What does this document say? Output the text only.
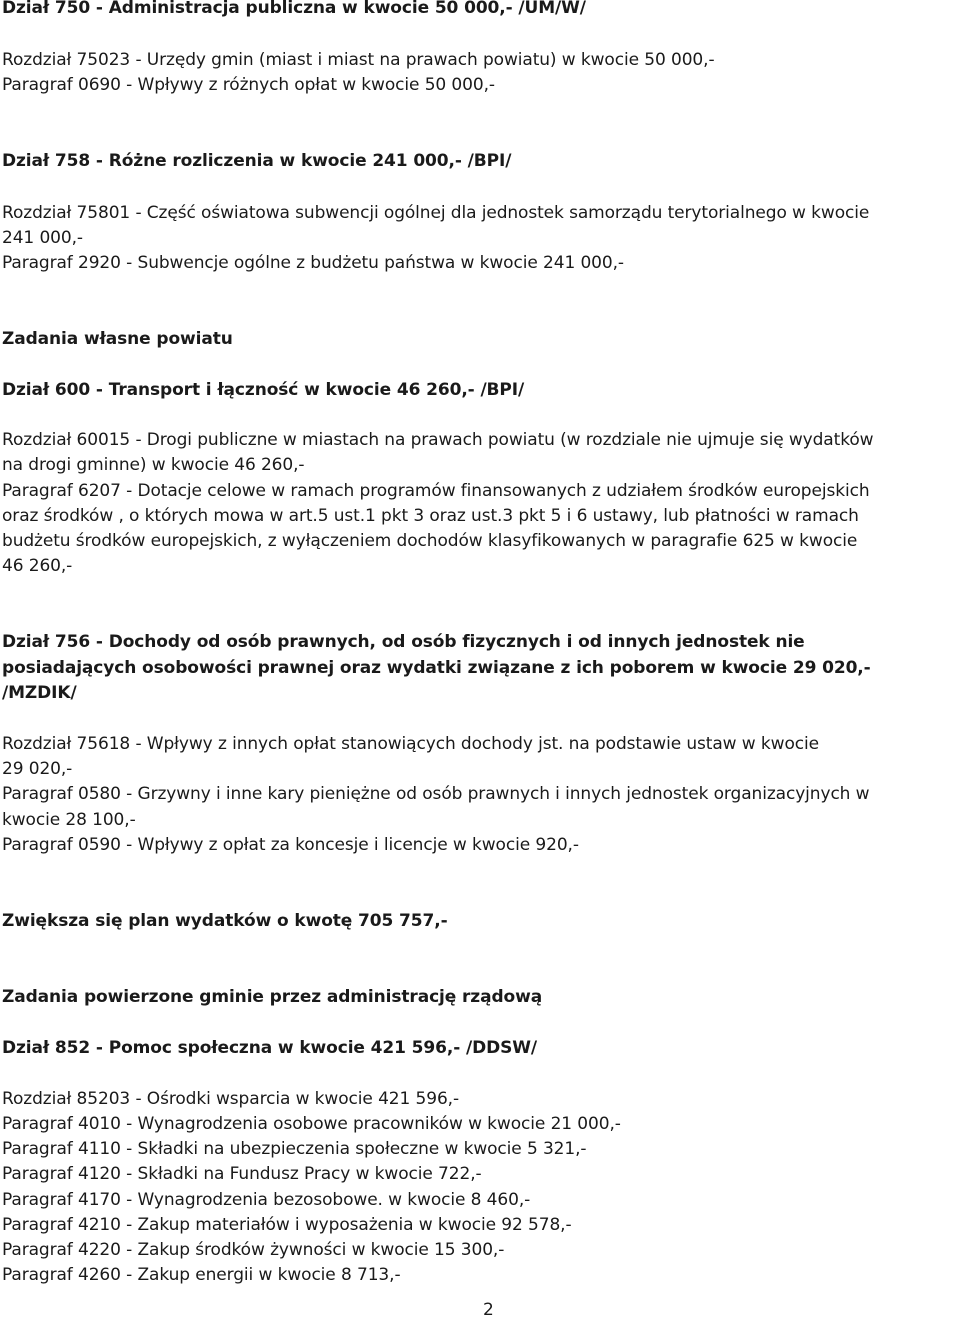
Dział 750 - Administracja publiczna w kwocie 50 000,- /UM/W/
Rozdział 75023 - Urzędy gmin (miast i miast na prawach powiatu) w kwocie 50 000,-
Paragraf 0690 - Wpływy z różnych opłat w kwocie 50 000,-
Dział 758 - Różne rozliczenia w kwocie 241 000,- /BPI/
Rozdział 75801 - Część oświatowa subwencji ogólnej dla jednostek samorządu terytorialnego w kwocie
241 000,-
Paragraf 2920 - Subwencje ogólne z budżetu państwa w kwocie 241 000,-
Zadania własne powiatu
Dział 600 - Transport i łączność w kwocie 46 260,- /BPI/
Rozdział 60015 - Drogi publiczne w miastach na prawach powiatu (w rozdziale nie ujmuje się wydatków
na drogi gminne) w kwocie 46 260,-
Paragraf 6207 - Dotacje celowe w ramach programów finansowanych z udziałem środków europejskich
oraz środków , o których mowa w art.5 ust.1 pkt 3 oraz ust.3 pkt 5 i 6 ustawy, lub płatności w ramach
budżetu środków europejskich, z wyłączeniem dochodów klasyfikowanych w paragrafie 625 w kwocie
46 260,-
Dział 756 - Dochody od osób prawnych, od osób fizycznych i od innych jednostek nie
posiadających osobowości prawnej oraz wydatki związane z ich poborem w kwocie 29 020,-
/MZDIK/
Rozdział 75618 - Wpływy z innych opłat stanowiących dochody jst. na podstawie ustaw w kwocie
29 020,-
Paragraf 0580 - Grzywny i inne kary pieniężne od osób prawnych i innych jednostek organizacyjnych w
kwocie 28 100,-
Paragraf 0590 - Wpływy z opłat za koncesje i licencje w kwocie 920,-
Zwiększa się plan wydatków o kwotę 705 757,-
Zadania powierzone gminie przez administrację rządową
Dział 852 - Pomoc społeczna w kwocie 421 596,- /DDSW/
Rozdział 85203 - Ośrodki wsparcia w kwocie 421 596,-
Paragraf 4010 - Wynagrodzenia osobowe pracowników w kwocie 21 000,-
Paragraf 4110 - Składki na ubezpieczenia społeczne w kwocie 5 321,-
Paragraf 4120 - Składki na Fundusz Pracy w kwocie 722,-
Paragraf 4170 - Wynagrodzenia bezosobowe. w kwocie 8 460,-
Paragraf 4210 - Zakup materiałów i wyposażenia w kwocie 92 578,-
Paragraf 4220 - Zakup środków żywności w kwocie 15 300,-
Paragraf 4260 - Zakup energii w kwocie 8 713,-
2
